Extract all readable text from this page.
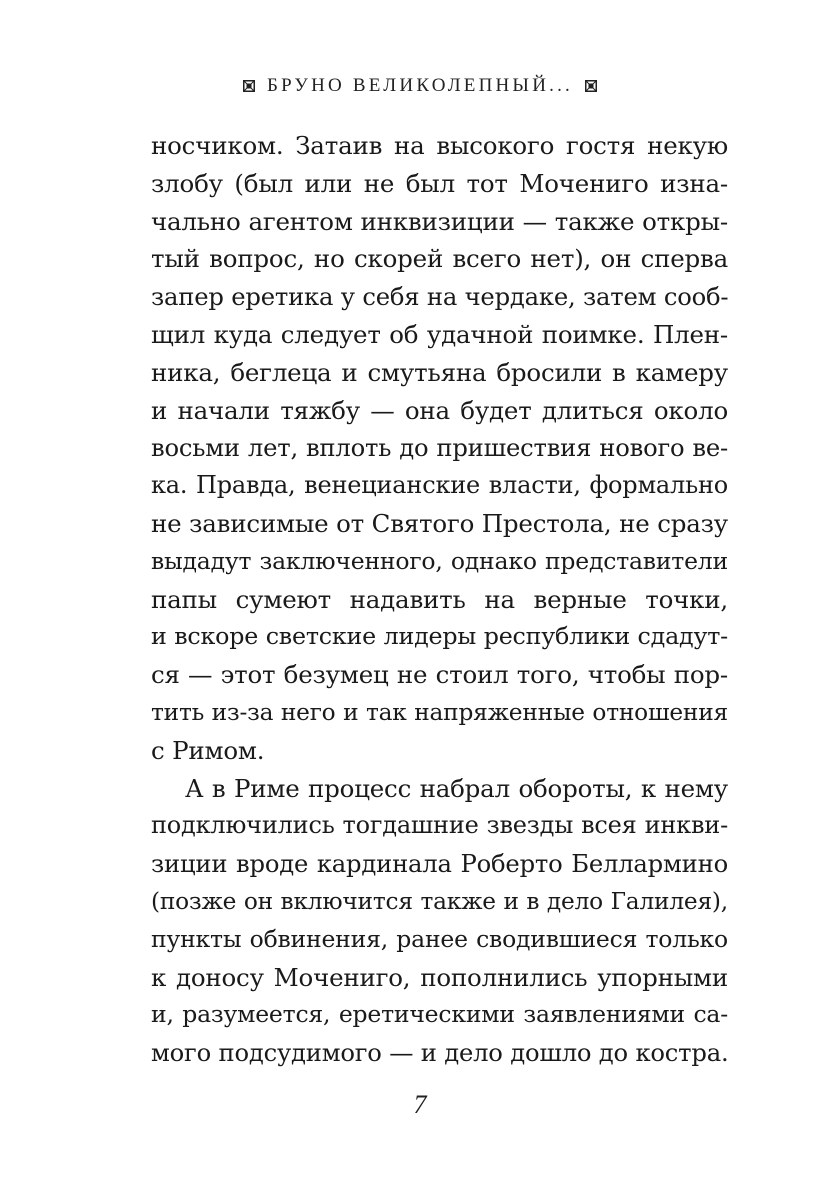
БРУНО ВЕЛИКОЛЕПНЫЙ...
носчиком. Затаив на высокого гостя некую
злобу (был или не был тот Мочениго изна-
чально агентом инквизиции — также откры-
тый вопрос, но скорей всего нет), он сперва
запер еретика у себя на чердаке, затем сооб-
щил куда следует об удачной поимке. Плен-
ника, беглеца и смутьяна бросили в камеру
и начали тяжбу — она будет длиться около
восьми лет, вплоть до пришествия нового ве-
ка. Правда, венецианские власти, формально
не зависимые от Святого Престола, не сразу
выдадут заключенного, однако представители
папы сумеют надавить на верные точки,
и вскоре светские лидеры республики сдадут-
ся — этот безумец не стоил того, чтобы пор-
тить из-за него и так напряженные отношения
с Римом.
А в Риме процесс набрал обороты, к нему
подключились тогдашние звезды всея инкви-
зиции вроде кардинала Роберто Беллармино
(позже он включится также и в дело Галилея),
пункты обвинения, ранее сводившиеся только
к доносу Мочениго, пополнились упорными
и, разумеется, еретическими заявлениями са-
мого подсудимого — и дело дошло до костра.
7
